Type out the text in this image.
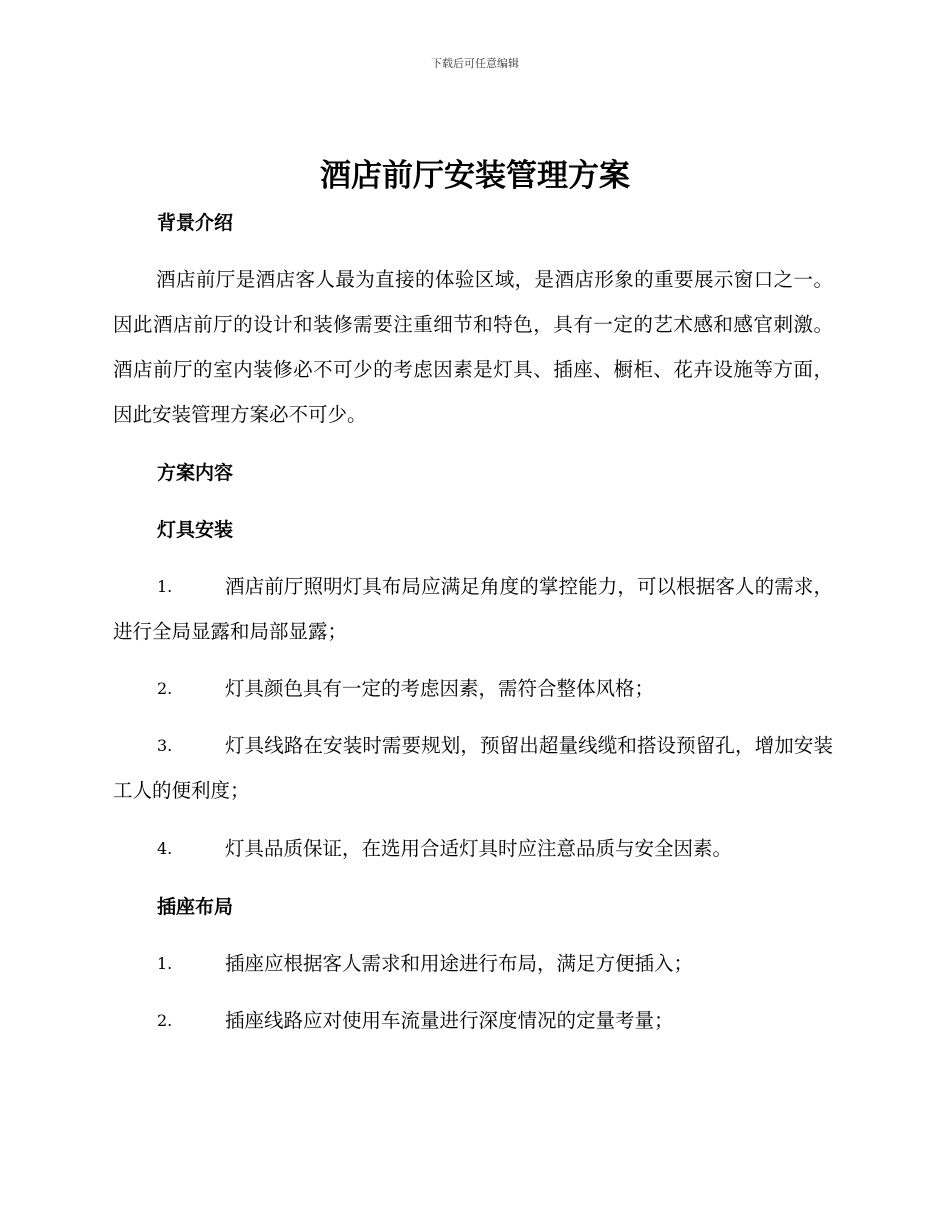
下载后可任意编辑
酒店前厅安装管理方案
背景介绍
酒店前厅是酒店客人最为直接的体验区域，是酒店形象的重要展示窗口之一。因此酒店前厅的设计和装修需要注重细节和特色，具有一定的艺术感和感官刺激。酒店前厅的室内装修必不可少的考虑因素是灯具、插座、橱柜、花卉设施等方面，因此安装管理方案必不可少。
方案内容
灯具安装
1.	酒店前厅照明灯具布局应满足角度的掌控能力，可以根据客人的需求，进行全局显露和局部显露；
2.	灯具颜色具有一定的考虑因素，需符合整体风格；
3.	灯具线路在安装时需要规划，预留出超量线缆和搭设预留孔，增加安装工人的便利度；
4.	灯具品质保证，在选用合适灯具时应注意品质与安全因素。
插座布局
1.	插座应根据客人需求和用途进行布局，满足方便插入；
2.	插座线路应对使用车流量进行深度情况的定量考量；
